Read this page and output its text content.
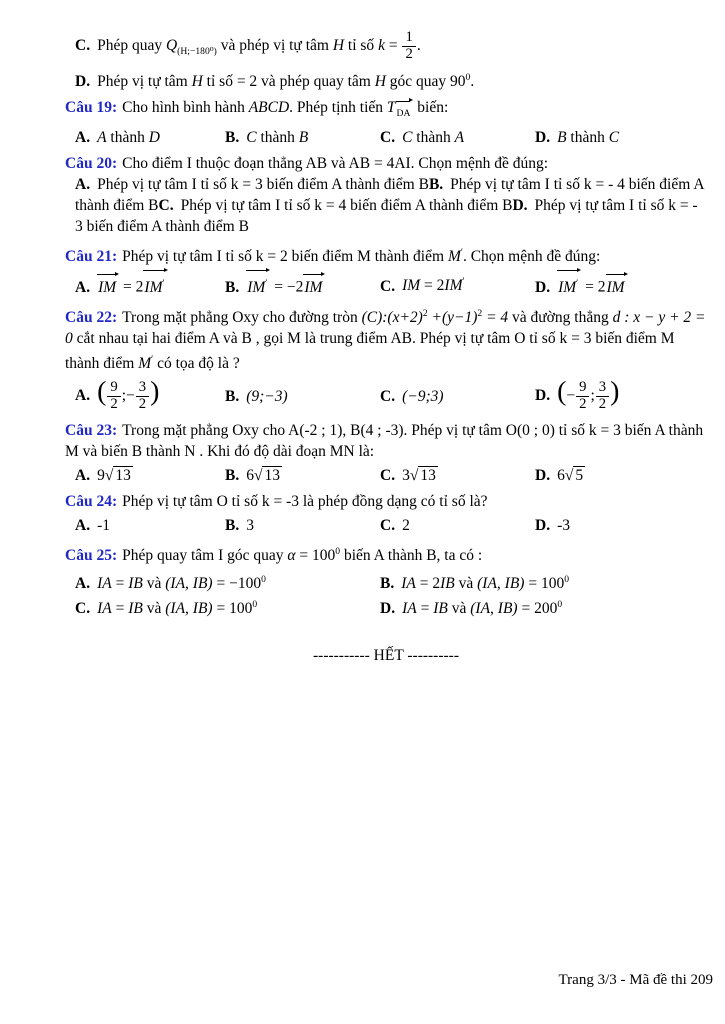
C. Phép quay $Q_{(H;-180^0)}$ và phép vị tự tâm H tỉ số $k = \frac{1}{2}$ .
D. Phép vị tự tâm H tỉ số = 2 và phép quay tâm H góc quay $90^0$.
Câu 19: Cho hình bình hành ABCD. Phép tịnh tiến $T_{DA}$ biến:
A. A thành D	B. C thành B	C. C thành A	D. B thành C
Câu 20: Cho điểm I thuộc đoạn thẳng AB và AB = 4AI. Chọn mệnh đề đúng:
A. Phép vị tự tâm I tỉ số k = 3 biến điểm A thành điểm BB. Phép vị tự tâm I tỉ số k = - 4 biến điểm A thành điểm BC. Phép vị tự tâm I tỉ số k = 4 biến điểm A thành điểm BD. Phép vị tự tâm I tỉ số k = - 3 biến điểm A thành điểm B
Câu 21: Phép vị tự tâm I tỉ số k = 2 biến điểm M thành điểm M′. Chọn mệnh đề đúng:
A. IM = 2IM′	B. IM′ = −2IM	C. IM = 2IM′	D. IM′ = 2IM
Câu 22: Trong mặt phẳng Oxy cho đường tròn $(C):(x+2)^2 +(y-1)^2 = 4$ và đường thẳng d : x − y + 2 = 0 cắt nhau tại hai điểm A và B , gọi M là trung điểm AB. Phép vị tự tâm O tỉ số k = 3 biến điểm M thành điểm M′ có tọa độ là ?
A. ( $\frac{9}{2}$ ;− $\frac{3}{2}$ )	B. (9;−3)	C. (−9;3)	D. (− $\frac{9}{2}$ ; $\frac{3}{2}$ )
Câu 23: Trong mặt phẳng Oxy cho A(-2 ; 1), B(4 ; -3). Phép vị tự tâm O(0 ; 0) tỉ số k = 3 biến A thành M và biến B thành N . Khi đó độ dài đoạn MN là:
A. 9√ 13	B. 6√ 13	C. 3√ 13	D. 6√ 5
Câu 24: Phép vị tự tâm O tỉ số k = -3 là phép đồng dạng có tỉ số là?
A. -1	B. 3	C. 2	D. -3
Câu 25: Phép quay tâm I góc quay $\alpha = 100^0$ biến A thành B, ta có :
A. IA = IB và (IA, $IB) = -100^0$	B. IA = 2IB và (IA, $IB) = 100^0$
C. IA = IB và (IA, $IB) = 100^0$	D. IA = IB và (IA, $IB) = 200^0$
----------- HẾT ----------
Trang 3/3 - Mã đề thi 209
